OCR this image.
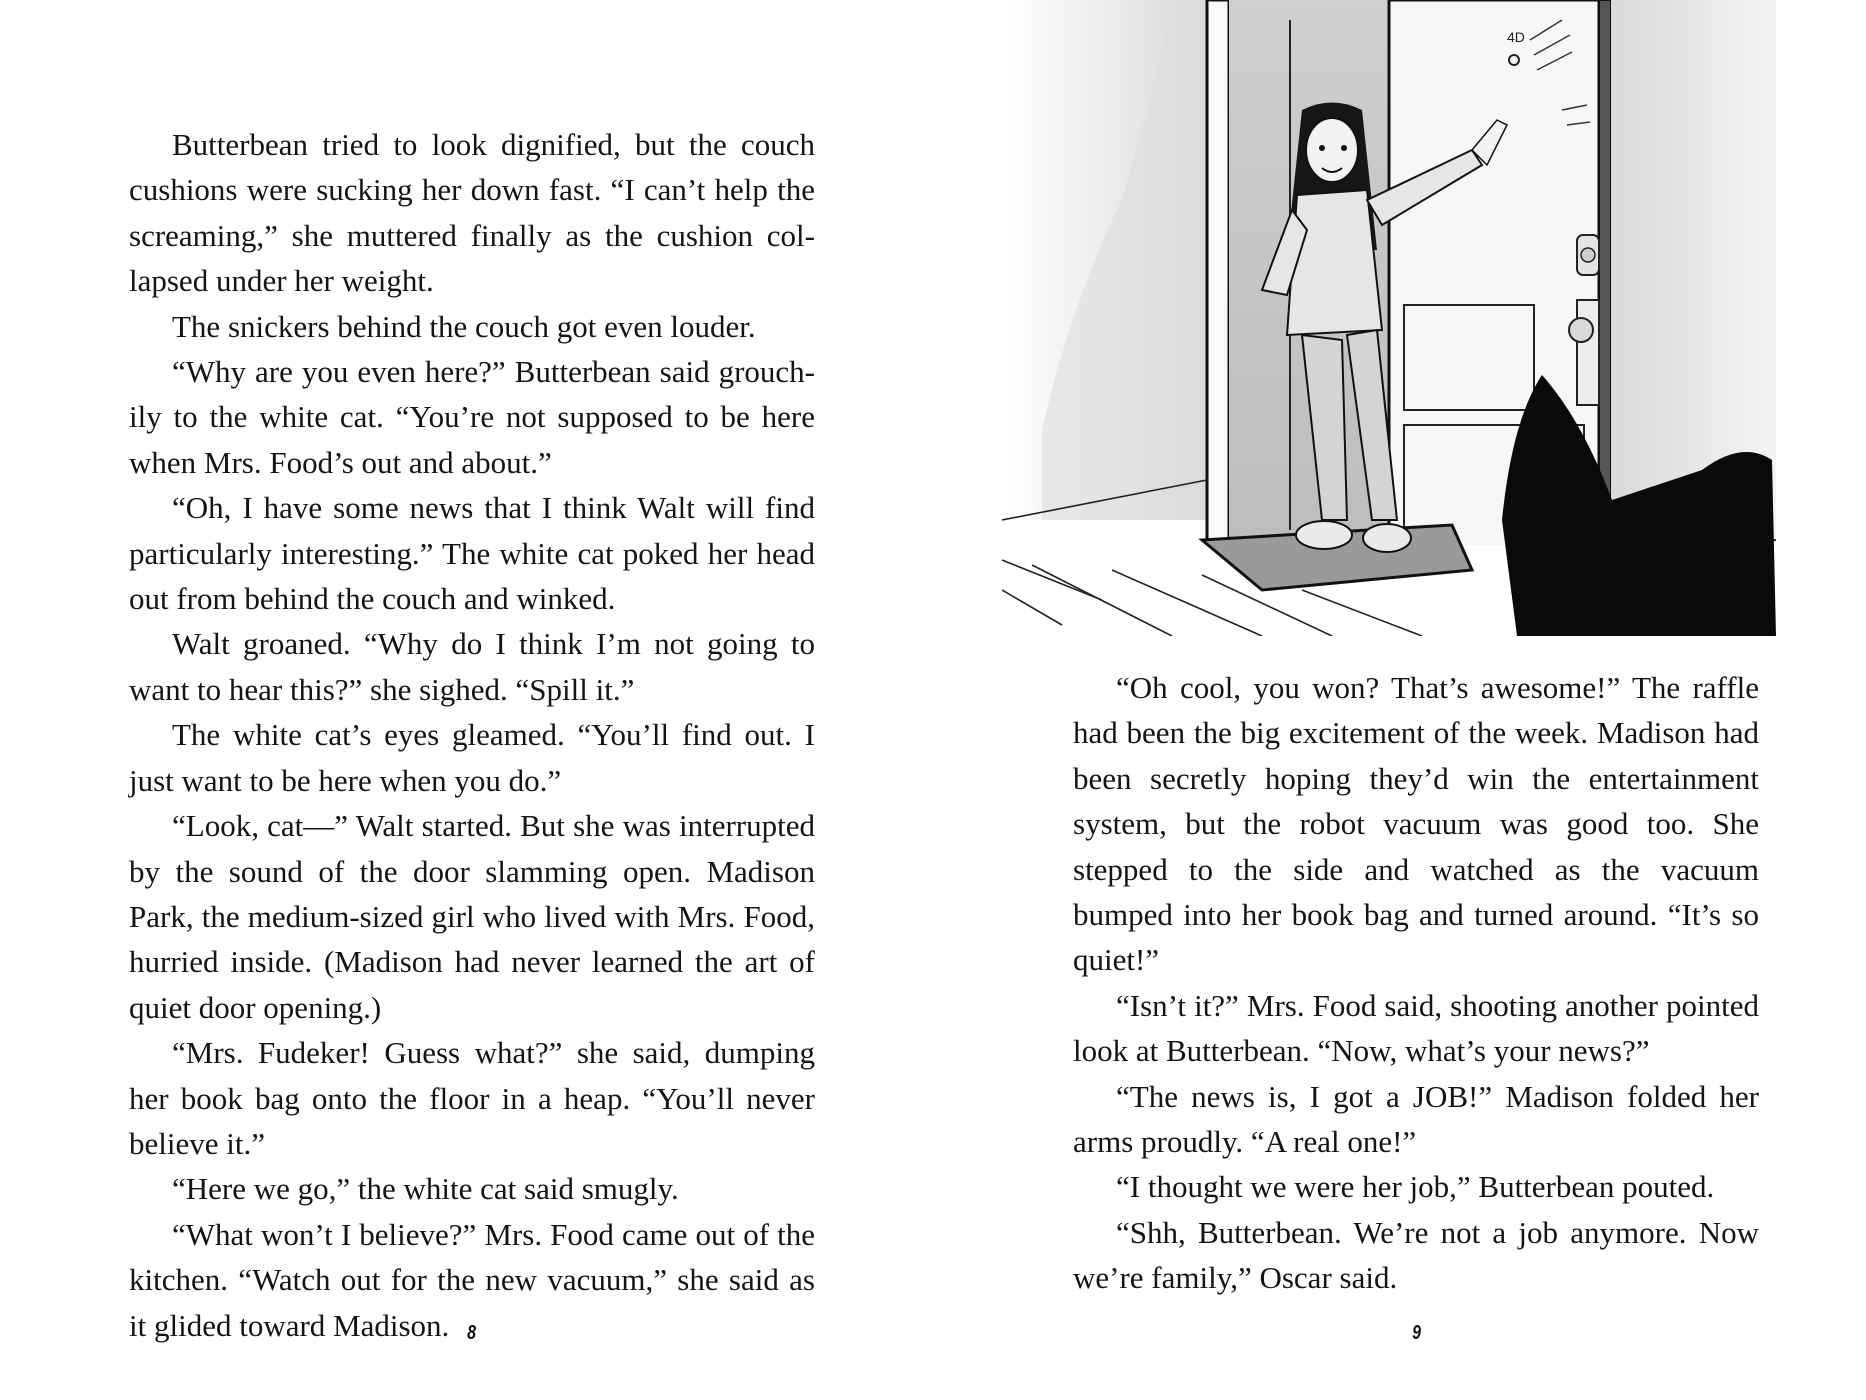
Butterbean tried to look dignified, but the couch cushions were sucking her down fast. “I can’t help the screaming,” she muttered finally as the cushion collapsed under her weight.

The snickers behind the couch got even louder.

“Why are you even here?” Butterbean said grouchily to the white cat. “You’re not supposed to be here when Mrs. Food’s out and about.”

“Oh, I have some news that I think Walt will find particularly interesting.” The white cat poked her head out from behind the couch and winked.

Walt groaned. “Why do I think I’m not going to want to hear this?” she sighed. “Spill it.”

The white cat’s eyes gleamed. “You’ll find out. I just want to be here when you do.”

“Look, cat—” Walt started. But she was interrupted by the sound of the door slamming open. Madison Park, the medium-sized girl who lived with Mrs. Food, hurried inside. (Madison had never learned the art of quiet door opening.)

“Mrs. Fudeker! Guess what?” she said, dumping her book bag onto the floor in a heap. “You’ll never believe it.”

“Here we go,” the white cat said smugly.

“What won’t I believe?” Mrs. Food came out of the kitchen. “Watch out for the new vacuum,” she said as it glided toward Madison. 8
4D

“Oh cool, you won? That’s awesome!” The raffle had been the big excitement of the week. Madison had been secretly hoping they’d win the entertainment system, but the robot vacuum was good too. She stepped to the side and watched as the vacuum bumped into her book bag and turned around. “It’s so quiet!”

“Isn’t it?” Mrs. Food said, shooting another pointed look at Butterbean. “Now, what’s your news?”

“The news is, I got a JOB!” Madison folded her arms proudly. “A real one!”

“I thought we were her job,” Butterbean pouted.

“Shh, Butterbean. We’re not a job anymore. Now we’re family,” Oscar said.

9
